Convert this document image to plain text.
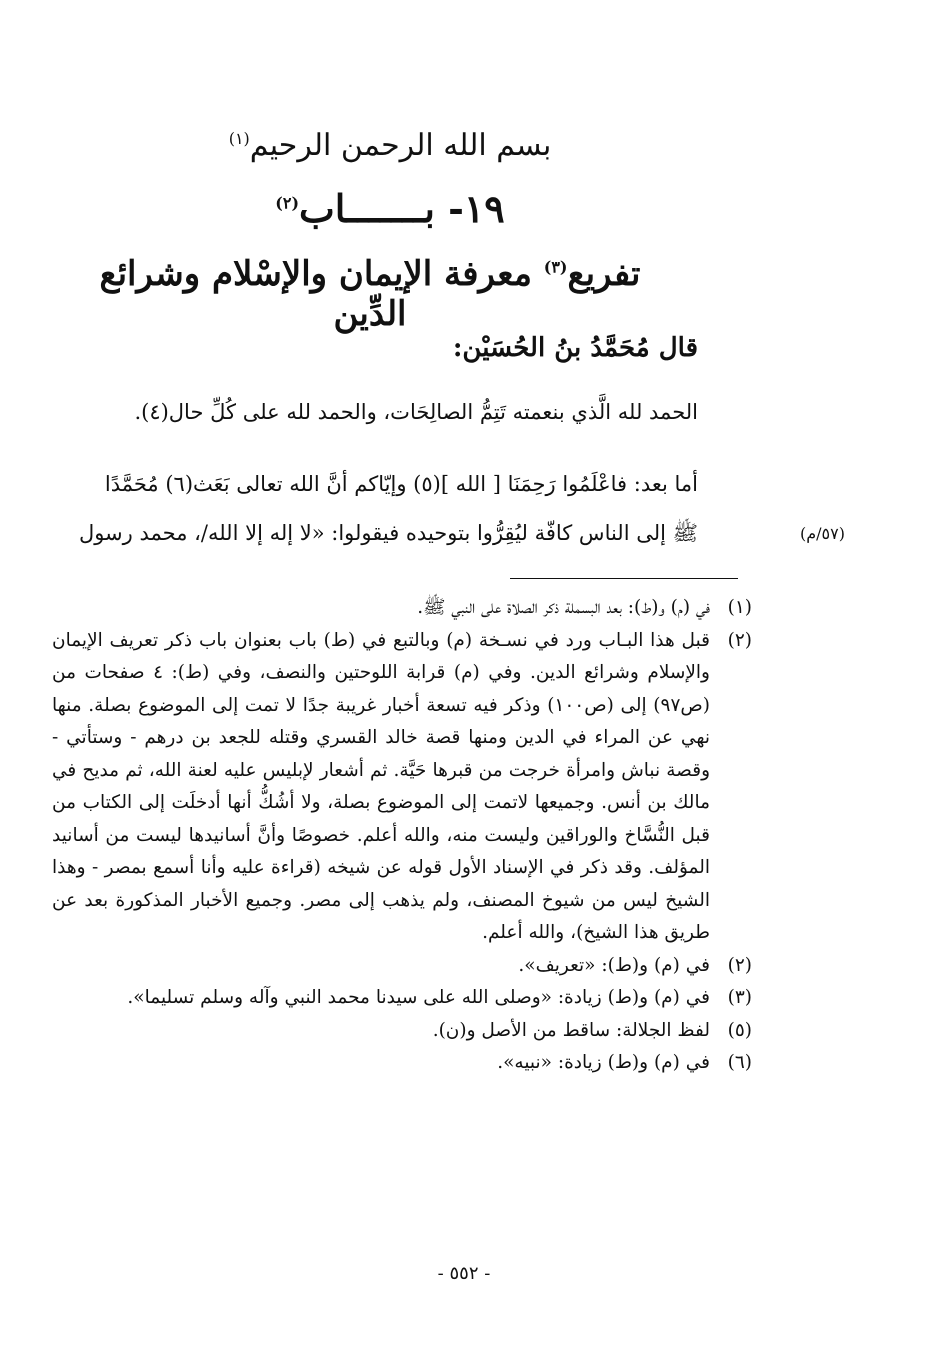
بسم الله الرحمن الرحيم$^{(١)}$
١٩- بـــــــاب$^{(٢)}$
تفريع$^{(٣)}$ معرفة الإيمان والإسْلام وشرائع الدِّين
قال مُحَمَّدُ بنُ الحُسَيْن:
الحمد لله الَّذي بنعمته تَتِمُّ الصالِحَات، والحمد لله على كُلِّ حال(٤).
أما بعد: فاعْلَمُوا رَحِمَنَا [ الله ](٥) وإيّاكم أنَّ الله تعالى بَعَث(٦) مُحَمَّدًا
ﷺ إلى الناس كافّة ليُقِرُّوا بتوحيده فيقولوا: «لا إله إلا الله/، محمد رسول	(٥٧/م)
(١)
في (م) و(ط): بعد البسملة ذكر الصلاة على النبي ﷺ.
(٢)
قبل هذا البـاب ورد في نسـخة (م) وبالتبع في (ط) باب بعنوان باب ذكر تعريف الإيمان والإسلام وشرائع الدين. وفي (م) قرابة اللوحتين والنصف، وفي (ط): ٤ صفحات من (ص٩٧) إلى (ص١٠٠) وذكر فيه تسعة أخبار غريبة جدًا لا تمت إلى الموضوع بصلة. منها نهي عن المراء في الدين ومنها قصة خالد القسري وقتله للجعد بن درهم - وستأتي - وقصة نباش وامرأة خرجت من قبرها حَيَّة. ثم أشعار لإبليس عليه لعنة الله، ثم مديح في مالك بن أنس. وجميعها لاتمت إلى الموضوع بصلة، ولا أشُكُّ أنها أدخلَت إلى الكتاب من قبل النُّسَّاخ والوراقين وليست منه، والله أعلم. خصوصًا وأنَّ أسانيدها ليست من أسانيد المؤلف. وقد ذكر في الإسناد الأول قوله عن شيخه (قراءة عليه وأنا أسمع بمصر - وهذا الشيخ ليس من شيوخ المصنف، ولم يذهب إلى مصر. وجميع الأخبار المذكورة بعد عن طريق هذا الشيخ)، والله أعلم.
(٢)
في (م) و(ط): «تعريف».
(٣)
في (م) و(ط) زيادة: «وصلى الله على سيدنا محمد النبي وآله وسلم تسليما».
(٥)
لفظ الجلالة: ساقط من الأصل و(ن).
(٦)
في (م) و(ط) زيادة: «نبيه».
- ٥٥٢ -
